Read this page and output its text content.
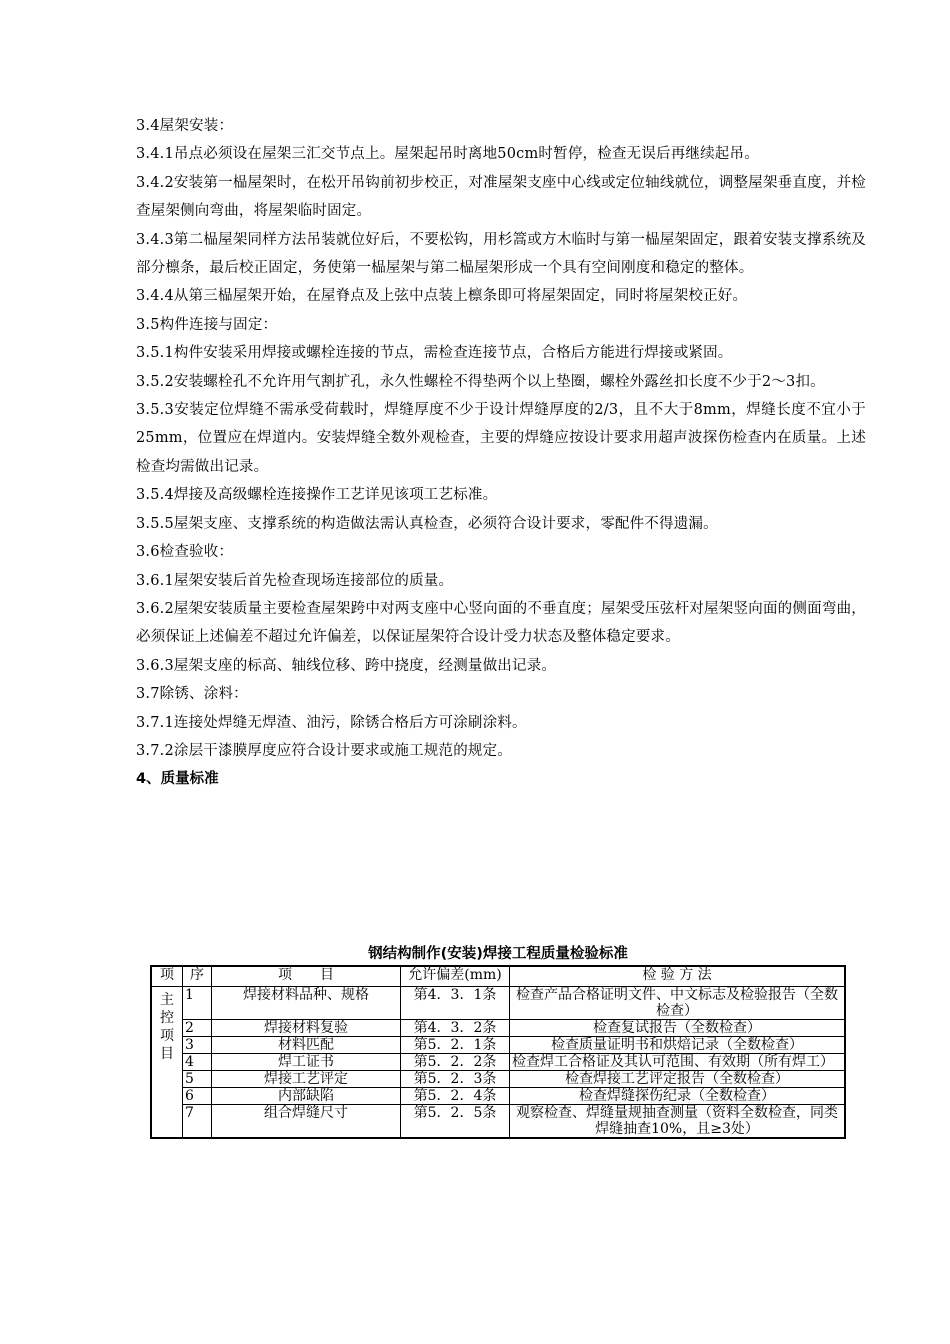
3.4屋架安装：

3.4.1吊点必须设在屋架三汇交节点上。屋架起吊时离地50cm时暂停，检查无误后再继续起吊。

3.4.2安装第一榀屋架时，在松开吊钩前初步校正，对准屋架支座中心线或定位轴线就位，调整屋架垂直度，并检查屋架侧向弯曲，将屋架临时固定。

3.4.3第二榀屋架同样方法吊装就位好后，不要松钩，用杉篙或方木临时与第一榀屋架固定，跟着安装支撑系统及部分檩条，最后校正固定，务使第一榀屋架与第二榀屋架形成一个具有空间刚度和稳定的整体。

3.4.4从第三榀屋架开始，在屋脊点及上弦中点装上檩条即可将屋架固定，同时将屋架校正好。

3.5构件连接与固定：

3.5.1构件安装采用焊接或螺栓连接的节点，需检查连接节点，合格后方能进行焊接或紧固。

3.5.2安装螺栓孔不允许用气割扩孔，永久性螺栓不得垫两个以上垫圈，螺栓外露丝扣长度不少于2～3扣。

3.5.3安装定位焊缝不需承受荷载时，焊缝厚度不少于设计焊缝厚度的2/3，且不大于8mm，焊缝长度不宜小于25mm，位置应在焊道内。安装焊缝全数外观检查，主要的焊缝应按设计要求用超声波探伤检查内在质量。上述检查均需做出记录。

3.5.4焊接及高级螺栓连接操作工艺详见该项工艺标准。

3.5.5屋架支座、支撑系统的构造做法需认真检查，必须符合设计要求，零配件不得遗漏。

3.6检查验收：

3.6.1屋架安装后首先检查现场连接部位的质量。

3.6.2屋架安装质量主要检查屋架跨中对两支座中心竖向面的不垂直度；屋架受压弦杆对屋架竖向面的侧面弯曲，必须保证上述偏差不超过允许偏差，以保证屋架符合设计受力状态及整体稳定要求。

3.6.3屋架支座的标高、轴线位移、跨中挠度，经测量做出记录。

3.7除锈、涂料：

3.7.1连接处焊缝无焊渣、油污，除锈合格后方可涂刷涂料。

3.7.2涂层干漆膜厚度应符合设计要求或施工规范的规定。

4、质量标准

钢结构制作(安装)焊接工程质量检验标准
项	序	项　　目	允许偏差(mm)	检 验 方 法
主控项目	1	焊接材料品种、规格	第4．3．1条	检查产品合格证明文件、中文标志及检验报告（全数检查）
	2	焊接材料复验	第4．3．2条	检查复试报告（全数检查）
	3	材料匹配	第5．2．1条	检查质量证明书和烘焙记录（全数检查）
	4	焊工证书	第5．2．2条	检查焊工合格证及其认可范围、有效期（所有焊工）
	5	焊接工艺评定	第5．2．3条	检查焊接工艺评定报告（全数检查）
	6	内部缺陷	第5．2．4条	检查焊缝探伤纪录（全数检查）
	7	组合焊缝尺寸	第5．2．5条	观察检查、焊缝量规抽查测量（资料全数检查，同类焊缝抽查10%，且≥3处）
